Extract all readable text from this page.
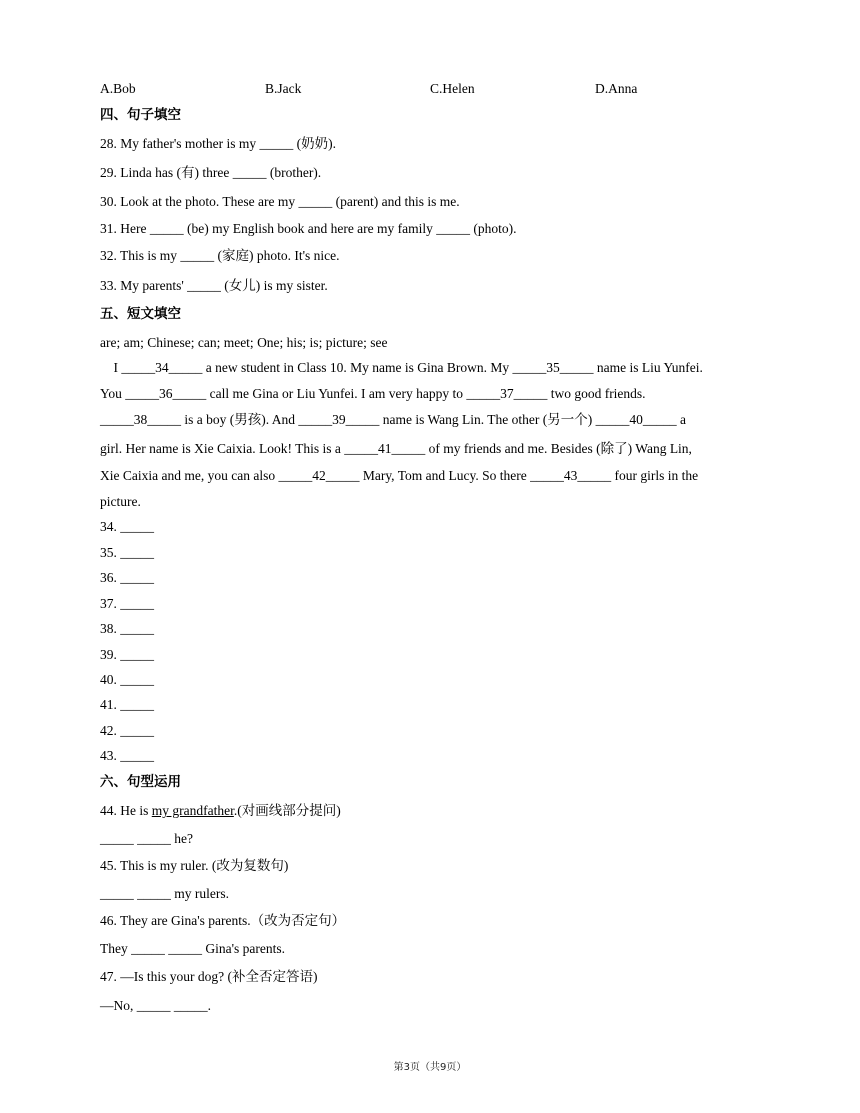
A.Bob	B.Jack	C.Helen	D.Anna
四、句子填空
28. My father's mother is my _____ (奶奶).
29. Linda has (有) three _____ (brother).
30. Look at the photo. These are my _____ (parent) and this is me.
31. Here _____ (be) my English book and here are my family _____ (photo).
32. This is my _____ (家庭) photo. It's nice.
33. My parents' _____ (女儿) is my sister.
五、短文填空
are; am; Chinese; can; meet; One; his; is; picture; see
I _____34_____ a new student in Class 10. My name is Gina Brown. My _____35_____ name is Liu Yunfei.
You _____36_____ call me Gina or Liu Yunfei. I am very happy to _____37_____ two good friends.
_____38_____ is a boy (男孩). And _____39_____ name is Wang Lin. The other (另一个) _____40_____ a
girl. Her name is Xie Caixia. Look! This is a _____41_____ of my friends and me. Besides (除了) Wang Lin,
Xie Caixia and me, you can also _____42_____ Mary, Tom and Lucy. So there _____43_____ four girls in the
picture.
34. _____
35. _____
36. _____
37. _____
38. _____
39. _____
40. _____
41. _____
42. _____
43. _____
六、句型运用
44. He is my grandfather.(对画线部分提问)
_____ _____ he?
45. This is my ruler. (改为复数句)
_____ _____ my rulers.
46. They are Gina's parents.（改为否定句）
They _____ _____ Gina's parents.
47. —Is this your dog? (补全否定答语)
—No, _____ _____.
第3页（共9页）
